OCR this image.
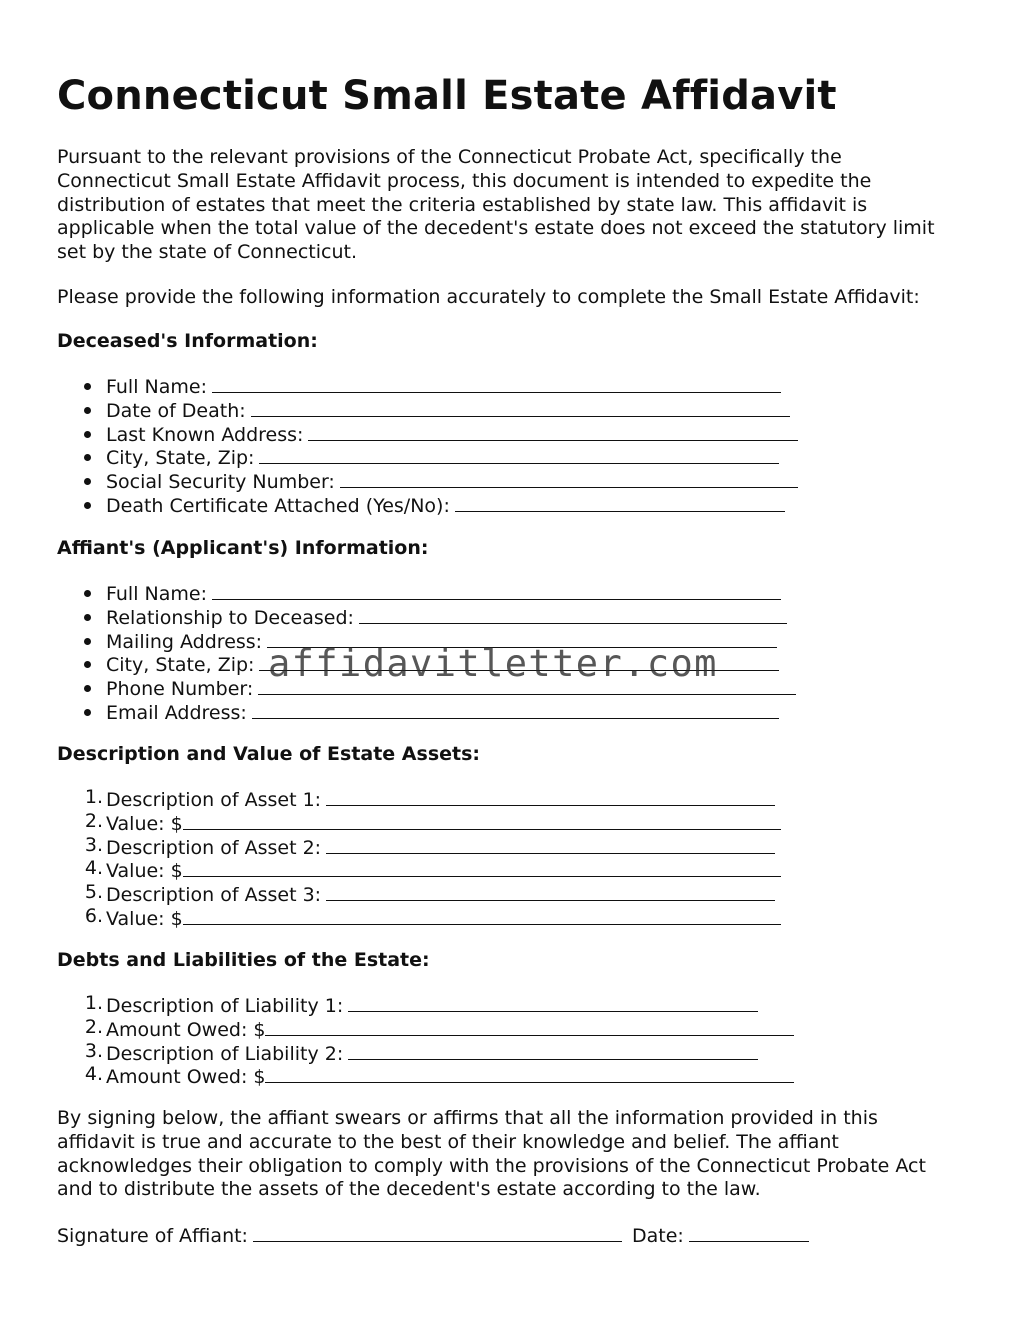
Connecticut Small Estate Affidavit

Pursuant to the relevant provisions of the Connecticut Probate Act, specifically the Connecticut Small Estate Affidavit process, this document is intended to expedite the distribution of estates that meet the criteria established by state law. This affidavit is applicable when the total value of the decedent's estate does not exceed the statutory limit set by the state of Connecticut.

Please provide the following information accurately to complete the Small Estate Affidavit:

Deceased's Information:
Full Name:
Date of Death:
Last Known Address:
City, State, Zip:
Social Security Number:
Death Certificate Attached (Yes/No):
Affiant's (Applicant's) Information:
Full Name:
Relationship to Deceased:
Mailing Address:
City, State, Zip:
Phone Number:
Email Address:
Description and Value of Estate Assets:
1. Description of Asset 1:
2. Value: $
3. Description of Asset 2:
4. Value: $
5. Description of Asset 3:
6. Value: $
Debts and Liabilities of the Estate:
1. Description of Liability 1:
2. Amount Owed: $
3. Description of Liability 2:
4. Amount Owed: $

By signing below, the affiant swears or affirms that all the information provided in this affidavit is true and accurate to the best of their knowledge and belief. The affiant acknowledges their obligation to comply with the provisions of the Connecticut Probate Act and to distribute the assets of the decedent's estate according to the law.

Signature of Affiant:	Date:
affidavitletter.com
